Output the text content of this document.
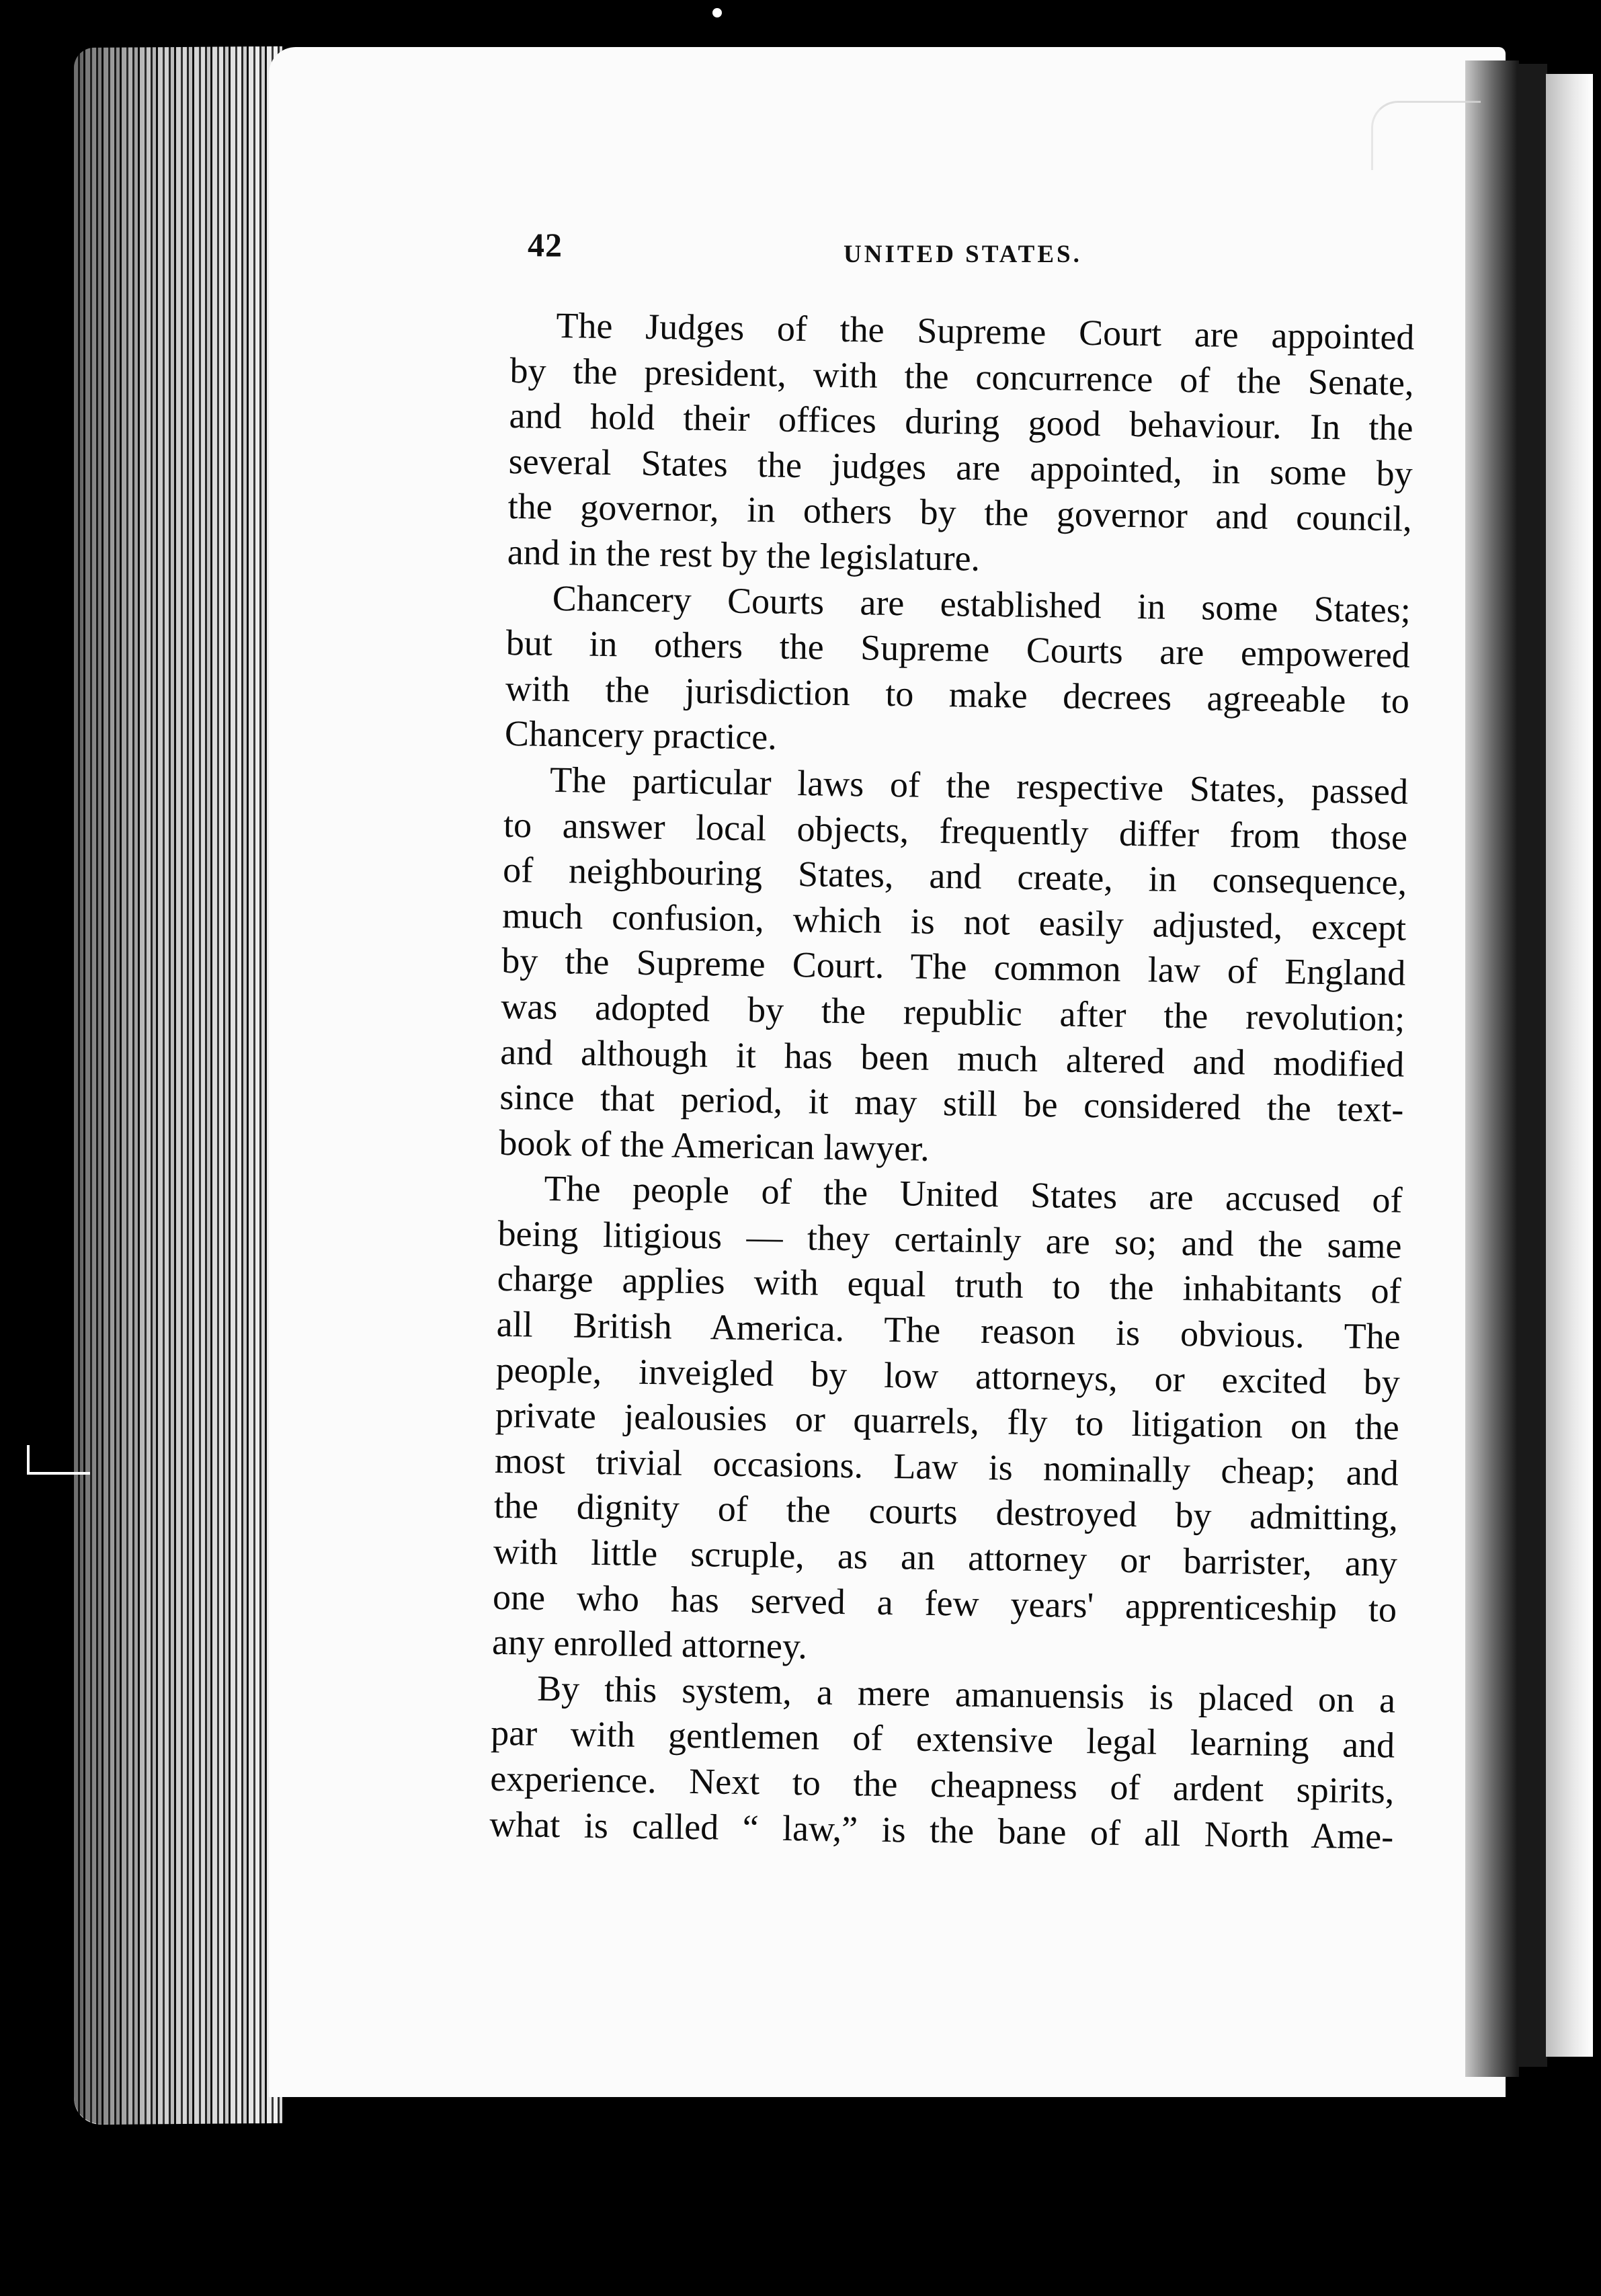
42	UNITED STATES.
The Judges of the Supreme Court are appointed
by the president, with the concurrence of the Senate,
and hold their offices during good behaviour. In the
several States the judges are appointed, in some by
the governor, in others by the governor and council,
and in the rest by the legislature.
Chancery Courts are established in some States;
but in others the Supreme Courts are empowered
with the jurisdiction to make decrees agreeable to
Chancery practice.
The particular laws of the respective States, passed
to answer local objects, frequently differ from those
of neighbouring States, and create, in consequence,
much confusion, which is not easily adjusted, except
by the Supreme Court. The common law of England
was adopted by the republic after the revolution;
and although it has been much altered and modified
since that period, it may still be considered the text-
book of the American lawyer.
The people of the United States are accused of
being litigious — they certainly are so; and the same
charge applies with equal truth to the inhabitants of
all British America. The reason is obvious. The
people, inveigled by low attorneys, or excited by
private jealousies or quarrels, fly to litigation on the
most trivial occasions. Law is nominally cheap; and
the dignity of the courts destroyed by admitting,
with little scruple, as an attorney or barrister, any
one who has served a few years' apprenticeship to
any enrolled attorney.
By this system, a mere amanuensis is placed on a
par with gentlemen of extensive legal learning and
experience. Next to the cheapness of ardent spirits,
what is called “ law,” is the bane of all North Ame-
